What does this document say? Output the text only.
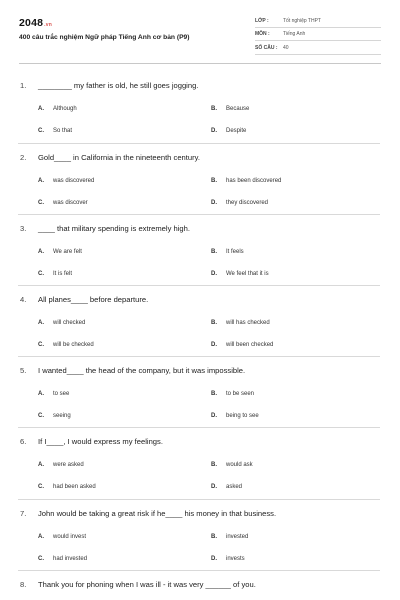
2048.vn
400 câu trắc nghiệm Ngữ pháp Tiếng Anh cơ bản (P9)
LỚP :	Tốt nghiệp THPT
MÔN :	Tiếng Anh
SỐ CÂU : 40
1. ________ my father is old, he still goes jogging.
A. Although	B. Because
C. So that	D. Despite
2. Gold____ in California in the nineteenth century.
A. was discovered	B. has been discovered
C. was discover	D. they discovered
3. ____ that military spending is extremely high.
A. We are felt	B. It feels
C. It is felt	D. We feel that it is
4. All planes____ before departure.
A. will checked	B. will has checked
C. will be checked	D. will been checked
5. I wanted____ the head of the company, but it was impossible.
A. to see	B. to be seen
C. seeing	D. being to see
6. If I____, I would express my feelings.
A. were asked	B. would ask
C. had been asked	D. asked
7. John would be taking a great risk if he____ his money in that business.
A. would invest	B. invested
C. had invested	D. invests
8. Thank you for phoning when I was ill - it was very ______ of you.
